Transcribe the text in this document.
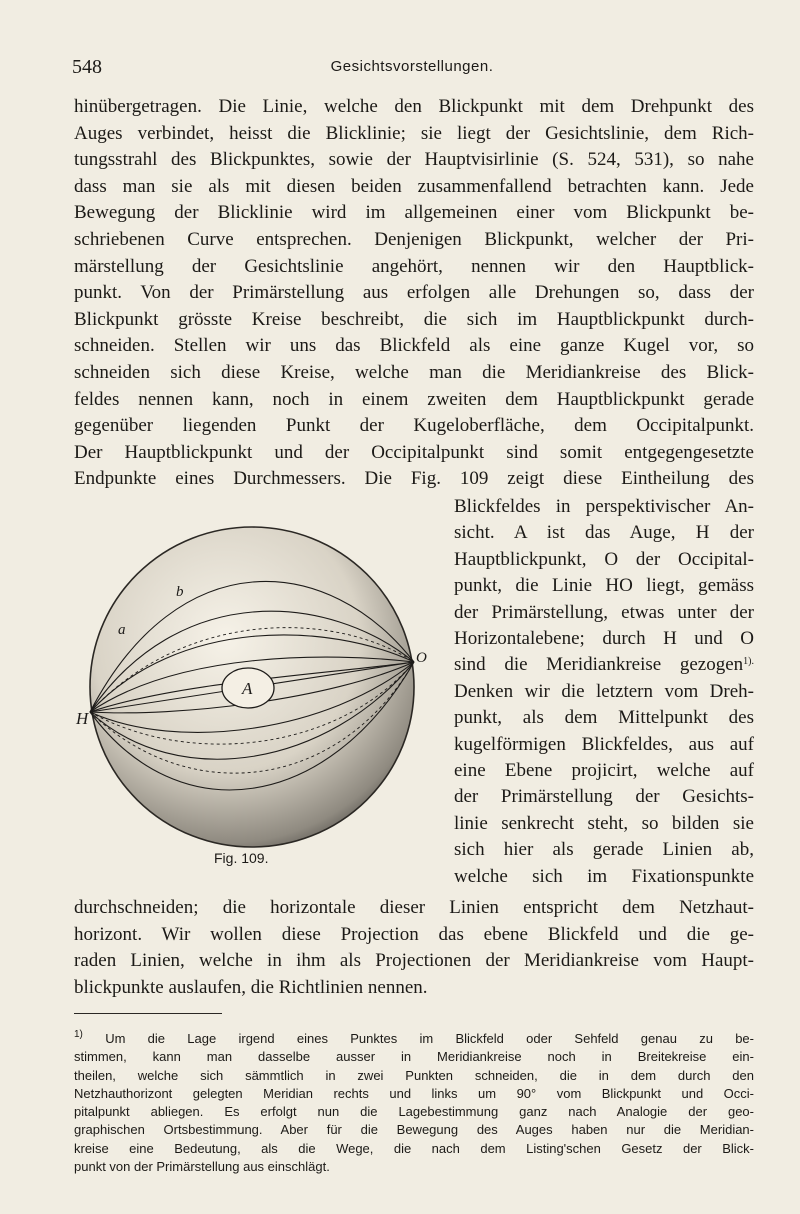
548	Gesichtsvorstellungen.
hinübergetragen. Die Linie, welche den Blickpunkt mit dem Drehpunkt des
Auges verbindet, heisst die Blicklinie; sie liegt der Gesichtslinie, dem Rich-
tungsstrahl des Blickpunktes, sowie der Hauptvisirlinie (S. 524, 531), so nahe
dass man sie als mit diesen beiden zusammenfallend betrachten kann. Jede
Bewegung der Blicklinie wird im allgemeinen einer vom Blickpunkt be-
schriebenen Curve entsprechen. Denjenigen Blickpunkt, welcher der Pri-
märstellung der Gesichtslinie angehört, nennen wir den Hauptblick-
punkt. Von der Primärstellung aus erfolgen alle Drehungen so, dass der
Blickpunkt grösste Kreise beschreibt, die sich im Hauptblickpunkt durch-
schneiden. Stellen wir uns das Blickfeld als eine ganze Kugel vor, so
schneiden sich diese Kreise, welche man die Meridiankreise des Blick-
feldes nennen kann, noch in einem zweiten dem Hauptblickpunkt gerade
gegenüber liegenden Punkt der Kugeloberfläche, dem Occipitalpunkt.
Der Hauptblickpunkt und der Occipitalpunkt sind somit entgegengesetzte
Endpunkte eines Durchmessers. Die Fig. 109 zeigt diese Eintheilung des
A
H
O
a
b
Fig. 109.
Blickfeldes in perspektivischer An-
sicht. A ist das Auge, H der
Hauptblickpunkt, O der Occipital-
punkt, die Linie HO liegt, gemäss
der Primärstellung, etwas unter der
Horizontalebene; durch H und O
sind die Meridiankreise gezogen$^{1).}$
Denken wir die letztern vom Dreh-
punkt, als dem Mittelpunkt des
kugelförmigen Blickfeldes, aus auf
eine Ebene projicirt, welche auf
der Primärstellung der Gesichts-
linie senkrecht steht, so bilden sie
sich hier als gerade Linien ab,
welche sich im Fixationspunkte
durchschneiden; die horizontale dieser Linien entspricht dem Netzhaut-
horizont. Wir wollen diese Projection das ebene Blickfeld und die ge-
raden Linien, welche in ihm als Projectionen der Meridiankreise vom Haupt-
blickpunkte auslaufen, die Richtlinien nennen.
$^{1)}$ Um die Lage irgend eines Punktes im Blickfeld oder Sehfeld genau zu be-
stimmen, kann man dasselbe ausser in Meridiankreise noch in Breitekreise ein-
theilen, welche sich sämmtlich in zwei Punkten schneiden, die in dem durch den
Netzhauthorizont gelegten Meridian rechts und links um 90° vom Blickpunkt und Occi-
pitalpunkt abliegen. Es erfolgt nun die Lagebestimmung ganz nach Analogie der geo-
graphischen Ortsbestimmung. Aber für die Bewegung des Auges haben nur die Meridian-
kreise eine Bedeutung, als die Wege, die nach dem Listing'schen Gesetz der Blick-
punkt von der Primärstellung aus einschlägt.
